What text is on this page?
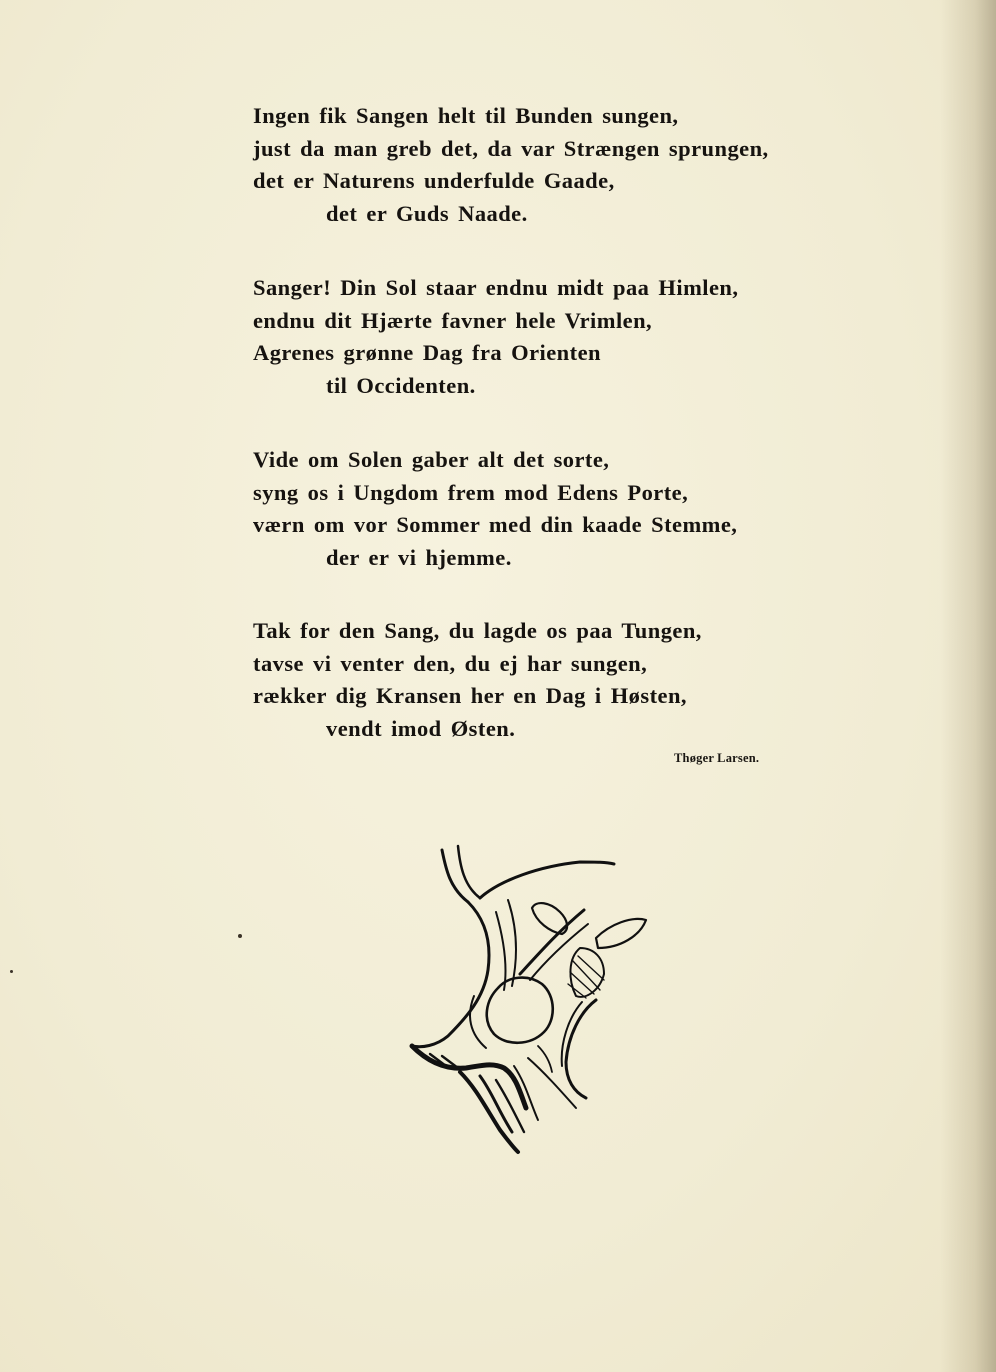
Ingen fik Sangen helt til Bunden sungen,
just da man greb det, da var Strængen sprungen,
det er Naturens underfulde Gaade,
det er Guds Naade.
Sanger! Din Sol staar endnu midt paa Himlen,
endnu dit Hjærte favner hele Vrimlen,
Agrenes grønne Dag fra Orienten
til Occidenten.
Vide om Solen gaber alt det sorte,
syng os i Ungdom frem mod Edens Porte,
værn om vor Sommer med din kaade Stemme,
der er vi hjemme.
Tak for den Sang, du lagde os paa Tungen,
tavse vi venter den, du ej har sungen,
rækker dig Kransen her en Dag i Høsten,
vendt imod Østen.
Thøger Larsen.
